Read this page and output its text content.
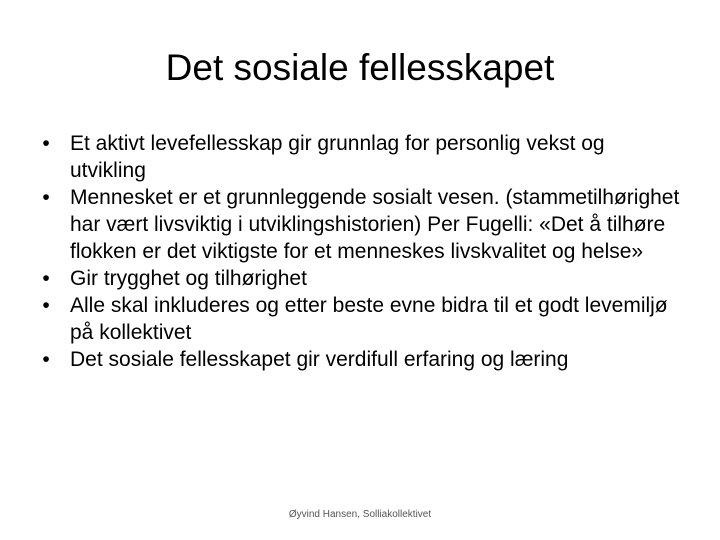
Det sosiale fellesskapet
• Et aktivt levefellesskap gir grunnlag for personlig vekst og utvikling
• Mennesket er et grunnleggende sosialt vesen. (stammetilhørighet har vært livsviktig i utviklingshistorien) Per Fugelli: «Det å tilhøre flokken er det viktigste for et menneskes livskvalitet og helse»
• Gir trygghet og tilhørighet
• Alle skal inkluderes og etter beste evne bidra til et godt levemiljø på kollektivet
• Det sosiale fellesskapet gir verdifull erfaring og læring
Øyvind Hansen, Solliakollektivet
